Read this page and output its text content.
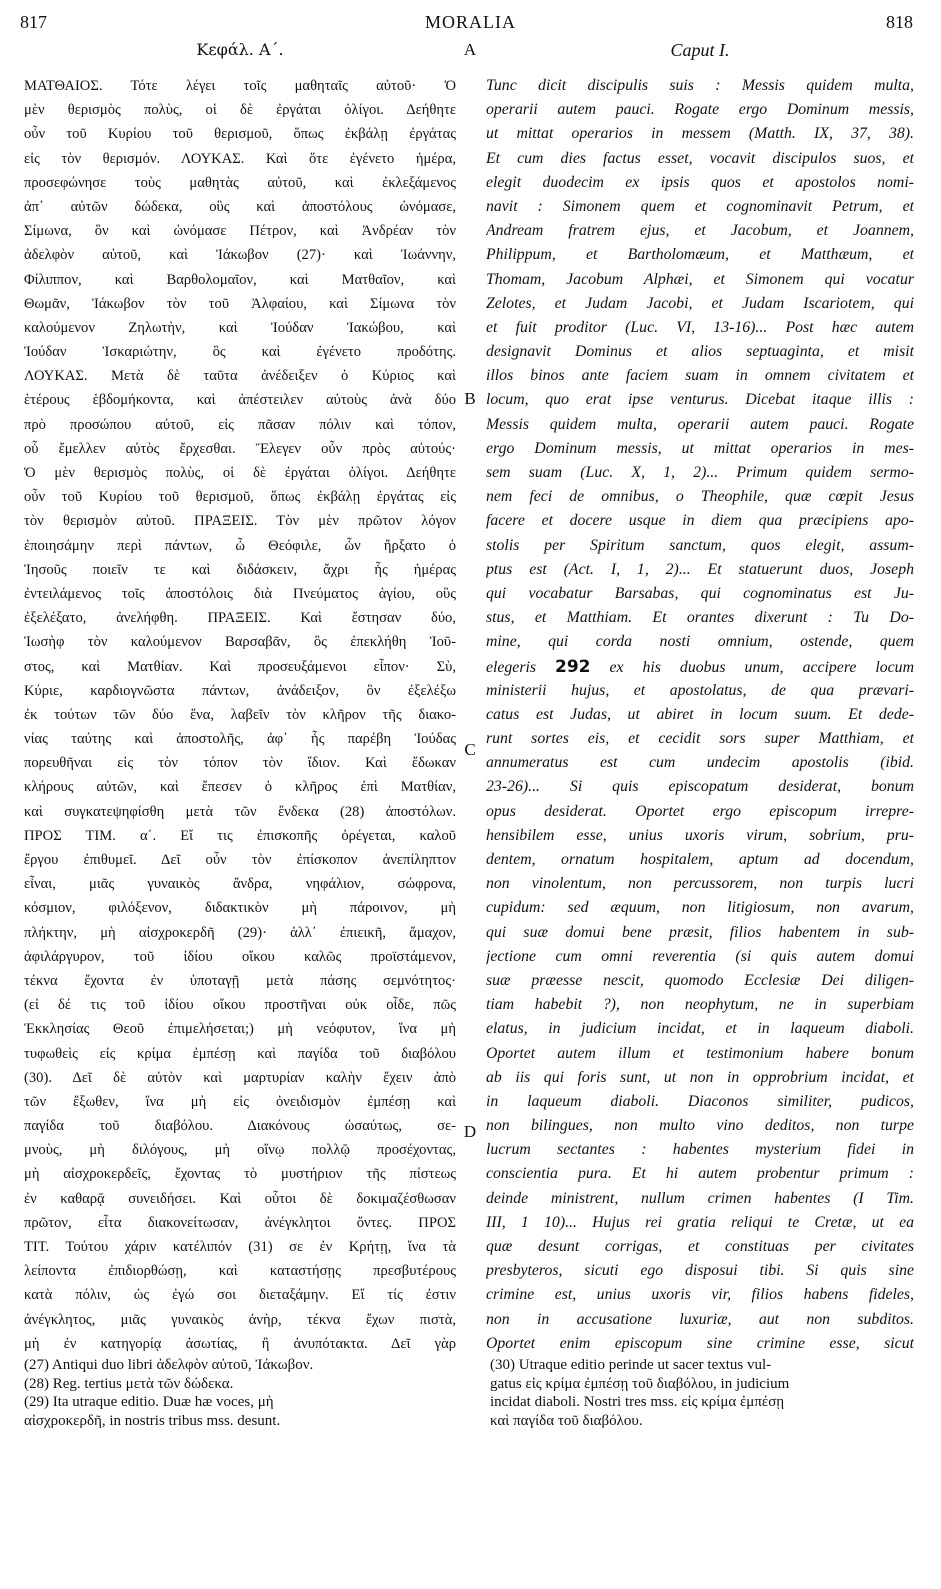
MORALIA
817	818
Κεφάλ. Α΄.
ΜΑΤΘΑΙΟΣ. Τότε λέγει τοῖς μαθηταῖς αὐτοῦ· Ὁ
μὲν θερισμὸς πολὺς, οἱ δὲ ἐργάται ὀλίγοι. Δεήθητε
οὖν τοῦ Κυρίου τοῦ θερισμοῦ, ὅπως ἐκβάλῃ ἐργάτας
εἰς τὸν θερισμόν. ΛΟΥΚΑΣ. Καὶ ὅτε ἐγένετο ἡμέρα,
προσεφώνησε τοὺς μαθητὰς αὐτοῦ, καὶ ἐκλεξάμενος
ἀπ᾽ αὐτῶν δώδεκα, οὓς καὶ ἀποστόλους ὠνόμασε,
Σίμωνα, ὃν καὶ ὠνόμασε Πέτρον, καὶ Ἀνδρέαν τὸν
ἀδελφὸν αὐτοῦ, καὶ Ἰάκωβον (27)· καὶ Ἰωάννην,
Φίλιππον, καὶ Βαρθολομαῖον, καὶ Ματθαῖον, καὶ
Θωμᾶν, Ἰάκωβον τὸν τοῦ Ἀλφαίου, καὶ Σίμωνα τὸν
καλούμενον Ζηλωτὴν, καὶ Ἰούδαν Ἰακώβου, καὶ
Ἰούδαν Ἰσκαριώτην, ὃς καὶ ἐγένετο προδότης.
ΛΟΥΚΑΣ. Μετὰ δὲ ταῦτα ἀνέδειξεν ὁ Κύριος καὶ
ἑτέρους ἑβδομήκοντα, καὶ ἀπέστειλεν αὐτοὺς ἀνὰ δύο
πρὸ προσώπου αὐτοῦ, εἰς πᾶσαν πόλιν καὶ τόπον,
οὗ ἔμελλεν αὐτὸς ἔρχεσθαι. Ἔλεγεν οὖν πρὸς αὐτούς·
Ὁ μὲν θερισμὸς πολὺς, οἱ δὲ ἐργάται ὀλίγοι. Δεήθητε
οὖν τοῦ Κυρίου τοῦ θερισμοῦ, ὅπως ἐκβάλῃ ἐργάτας εἰς
τὸν θερισμὸν αὐτοῦ. ΠΡΑΞΕΙΣ. Τὸν μὲν πρῶτον λόγον
ἐποιησάμην περὶ πάντων, ὦ Θεόφιλε, ὧν ἤρξατο ὁ
Ἰησοῦς ποιεῖν τε καὶ διδάσκειν, ἄχρι ἧς ἡμέρας
ἐντειλάμενος τοῖς ἀποστόλοις διὰ Πνεύματος ἁγίου, οὓς
ἐξελέξατο, ἀνελήφθη. ΠΡΑΞΕΙΣ. Καὶ ἔστησαν δύο,
Ἰωσὴφ τὸν καλούμενον Βαρσαβᾶν, ὃς ἐπεκλήθη Ἰοῦ-
στος, καὶ Ματθίαν. Καὶ προσευξάμενοι εἶπον· Σὺ,
Κύριε, καρδιογνῶστα πάντων, ἀνάδειξον, ὃν ἐξελέξω
ἐκ τούτων τῶν δύο ἕνα, λαβεῖν τὸν κλῆρον τῆς διακο-
νίας ταύτης καὶ ἀποστολῆς, ἀφ᾽ ἧς παρέβη Ἰούδας
πορευθῆναι εἰς τὸν τόπον τὸν ἴδιον. Καὶ ἔδωκαν
κλήρους αὐτῶν, καὶ ἔπεσεν ὁ κλῆρος ἐπὶ Ματθίαν,
καὶ συγκατεψηφίσθη μετὰ τῶν ἕνδεκα (28) ἀποστόλων.
ΠΡΟΣ ΤΙΜ. α΄. Εἴ τις ἐπισκοπῆς ὀρέγεται, καλοῦ
ἔργου ἐπιθυμεῖ. Δεῖ οὖν τὸν ἐπίσκοπον ἀνεπίληπτον
εἶναι, μιᾶς γυναικὸς ἄνδρα, νηφάλιον, σώφρονα,
κόσμιον, φιλόξενον, διδακτικὸν μὴ πάροινον, μὴ
πλήκτην, μὴ αἰσχροκερδῆ (29)· ἀλλ᾽ ἐπιεικῆ, ἄμαχον,
ἀφιλάργυρον, τοῦ ἰδίου οἴκου καλῶς προϊστάμενον,
τέκνα ἔχοντα ἐν ὑποταγῇ μετὰ πάσης σεμνότητος·
(εἰ δέ τις τοῦ ἰδίου οἴκου προστῆναι οὐκ οἶδε, πῶς
Ἐκκλησίας Θεοῦ ἐπιμελήσεται;) μὴ νεόφυτον, ἵνα μὴ
τυφωθεὶς εἰς κρίμα ἐμπέσῃ καὶ παγίδα τοῦ διαβόλου
(30). Δεῖ δὲ αὐτὸν καὶ μαρτυρίαν καλὴν ἔχειν ἀπὸ
τῶν ἔξωθεν, ἵνα μὴ εἰς ὀνειδισμὸν ἐμπέσῃ καὶ
παγίδα τοῦ διαβόλου. Διακόνους ὡσαύτως, σε-
μνοὺς, μὴ διλόγους, μὴ οἴνῳ πολλῷ προσέχοντας,
μὴ αἰσχροκερδεῖς, ἔχοντας τὸ μυστήριον τῆς πίστεως
ἐν καθαρᾷ συνειδήσει. Καὶ οὗτοι δὲ δοκιμαζέσθωσαν
πρῶτον, εἶτα διακονείτωσαν, ἀνέγκλητοι ὄντες. ΠΡΟΣ
ΤΙΤ. Τούτου χάριν κατέλιπόν (31) σε ἐν Κρήτῃ, ἵνα τὰ
λείποντα ἐπιδιορθώσῃ, καὶ καταστήσῃς πρεσβυτέρους
κατὰ πόλιν, ὡς ἐγώ σοι διεταξάμην. Εἴ τίς ἐστιν
ἀνέγκλητος, μιᾶς γυναικὸς ἀνὴρ, τέκνα ἔχων πιστὰ,
μὴ ἐν κατηγορίᾳ ἀσωτίας, ἢ ἀνυπότακτα. Δεῖ γὰρ
A
B
C
D
Caput I.
Tunc dicit discipulis suis : Messis quidem multa,
operarii autem pauci. Rogate ergo Dominum messis,
ut mittat operarios in messem (Matth. IX, 37, 38).
Et cum dies factus esset, vocavit discipulos suos, et
elegit duodecim ex ipsis quos et apostolos nomi-
navit : Simonem quem et cognominavit Petrum, et
Andream fratrem ejus, et Jacobum, et Joannem,
Philippum, et Bartholomæum, et Matthæum, et
Thomam, Jacobum Alphæi, et Simonem qui vocatur
Zelotes, et Judam Jacobi, et Judam Iscariotem, qui
et fuit proditor (Luc. VI, 13-16)... Post hæc autem
designavit Dominus et alios septuaginta, et misit
illos binos ante faciem suam in omnem civitatem et
locum, quo erat ipse venturus. Dicebat itaque illis :
Messis quidem multa, operarii autem pauci. Rogate
ergo Dominum messis, ut mittat operarios in mes-
sem suam (Luc. X, 1, 2)... Primum quidem sermo-
nem feci de omnibus, o Theophile, quæ cœpit Jesus
facere et docere usque in diem qua præcipiens apo-
stolis per Spiritum sanctum, quos elegit, assum-
ptus est (Act. I, 1, 2)... Et statuerunt duos, Joseph
qui vocabatur Barsabas, qui cognominatus est Ju-
stus, et Matthiam. Et orantes dixerunt : Tu Do-
mine, qui corda nosti omnium, ostende, quem
elegeris 292 ex his duobus unum, accipere locum
ministerii hujus, et apostolatus, de qua prævari-
catus est Judas, ut abiret in locum suum. Et dede-
runt sortes eis, et cecidit sors super Matthiam, et
annumeratus est cum undecim apostolis (ibid.
23-26)... Si quis episcopatum desiderat, bonum
opus desiderat. Oportet ergo episcopum irrepre-
hensibilem esse, unius uxoris virum, sobrium, pru-
dentem, ornatum hospitalem, aptum ad docendum,
non vinolentum, non percussorem, non turpis lucri
cupidum: sed æquum, non litigiosum, non avarum,
qui suæ domui bene præsit, filios habentem in sub-
jectione cum omni reverentia (si quis autem domui
suæ præesse nescit, quomodo Ecclesiæ Dei diligen-
tiam habebit ?), non neophytum, ne in superbiam
elatus, in judicium incidat, et in laqueum diaboli.
Oportet autem illum et testimonium habere bonum
ab iis qui foris sunt, ut non in opprobrium incidat, et
in laqueum diaboli. Diaconos similiter, pudicos,
non bilingues, non multo vino deditos, non turpe
lucrum sectantes : habentes mysterium fidei in
conscientia pura. Et hi autem probentur primum :
deinde ministrent, nullum crimen habentes (I Tim.
III, 1 10)... Hujus rei gratia reliqui te Cretæ, ut ea
quæ desunt corrigas, et constituas per civitates
presbyteros, sicuti ego disposui tibi. Si quis sine
crimine est, unius uxoris vir, filios habens fideles,
non in accusatione luxuriæ, aut non subditos.
Oportet enim episcopum sine crimine esse, sicut
(27) Antiqui duo libri ἀδελφὸν αὐτοῦ, Ἰάκωβον.
(28) Reg. tertius μετὰ τῶν δώδεκα.
(29) Ita utraque editio. Duæ hæ voces, μὴ
αἰσχροκερδῆ, in nostris tribus mss. desunt.
(30) Utraque editio perinde ut sacer textus vul-
gatus εἰς κρίμα ἐμπέσῃ τοῦ διαβόλου, in judicium
incidat diaboli. Nostri tres mss. εἰς κρίμα ἐμπέσῃ
καὶ παγίδα τοῦ διαβόλου.
